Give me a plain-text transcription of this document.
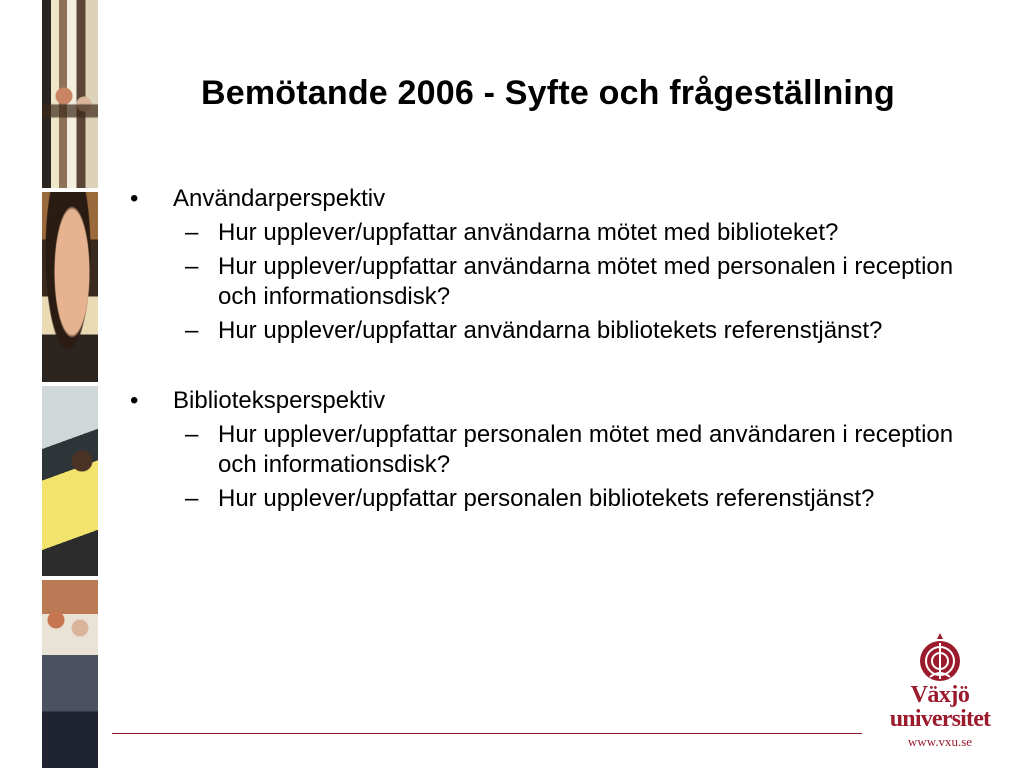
Bemötande 2006 - Syfte och frågeställning
• Användarperspektiv
– Hur upplever/uppfattar användarna mötet med biblioteket?
– Hur upplever/uppfattar användarna mötet med personalen i reception och informationsdisk?
– Hur upplever/uppfattar användarna bibliotekets referenstjänst?
• Biblioteksperspektiv
– Hur upplever/uppfattar personalen mötet med användaren i reception och informationsdisk?
– Hur upplever/uppfattar personalen bibliotekets referenstjänst?
Växjö
universitet
www.vxu.se
